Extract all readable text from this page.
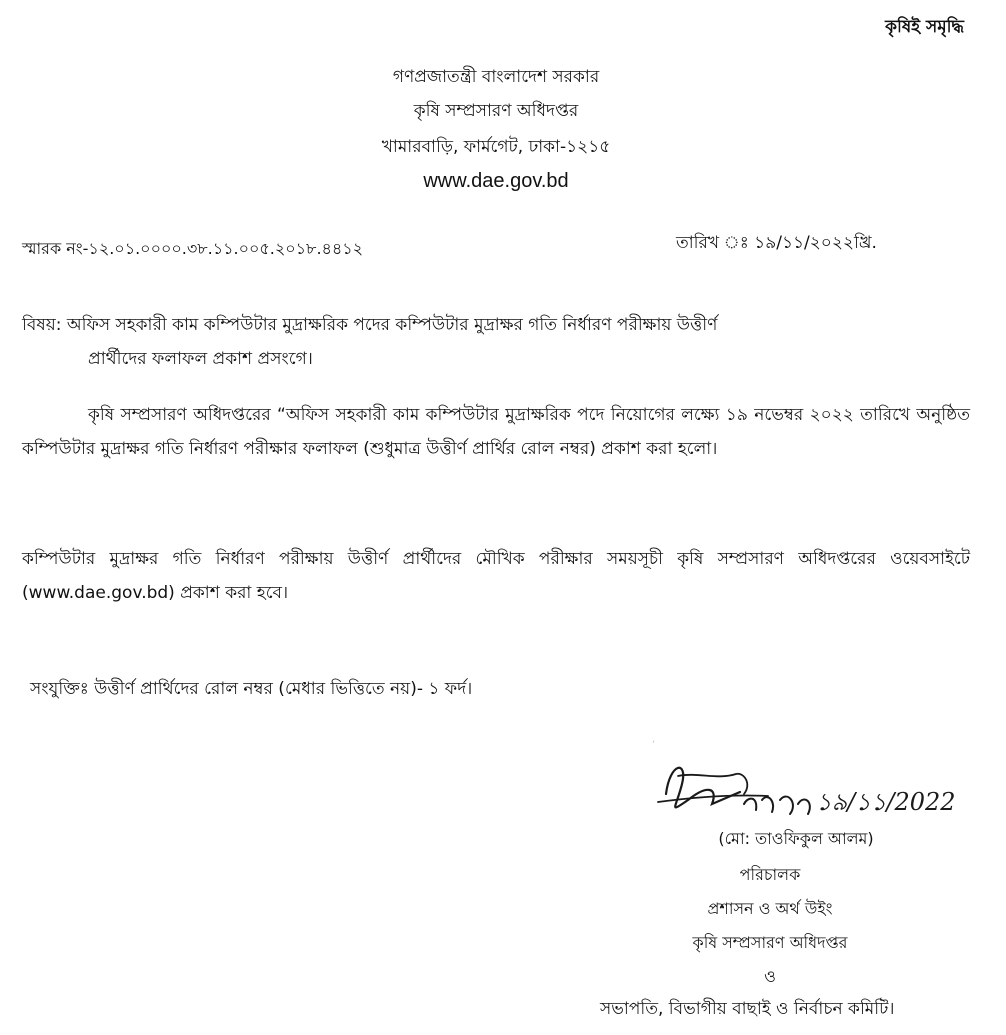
কৃষিই সমৃদ্ধি
গণপ্রজাতন্ত্রী বাংলাদেশ সরকার
কৃষি সম্প্রসারণ অধিদপ্তর
খামারবাড়ি, ফার্মগেট, ঢাকা-১২১৫
www.dae.gov.bd
স্মারক নং-১২.০১.০০০০.৩৮.১১.০০৫.২০১৮.৪৪১২	তারিখ ঃ ১৯/১১/২০২২খ্রি.
বিষয়: অফিস সহকারী কাম কম্পিউটার মুদ্রাক্ষরিক পদের কম্পিউটার মুদ্রাক্ষর গতি নির্ধারণ পরীক্ষায় উত্তীর্ণ
প্রার্থীদের ফলাফল প্রকাশ প্রসংগে।
কৃষি সম্প্রসারণ অধিদপ্তরের “অফিস সহকারী কাম কম্পিউটার মুদ্রাক্ষরিক পদে নিয়োগের লক্ষ্যে ১৯ নভেম্বর ২০২২ তারিখে অনুষ্ঠিত কম্পিউটার মুদ্রাক্ষর গতি নির্ধারণ পরীক্ষার ফলাফল (শুধুমাত্র উত্তীর্ণ প্রার্থির রোল নম্বর) প্রকাশ করা হলো।
কম্পিউটার মুদ্রাক্ষর গতি নির্ধারণ পরীক্ষায় উত্তীর্ণ প্রার্থীদের মৌখিক পরীক্ষার সময়সূচী কৃষি সম্প্রসারণ অধিদপ্তরের ওয়েবসাইটে (www.dae.gov.bd) প্রকাশ করা হবে।
সংযুক্তিঃ উত্তীর্ণ প্রার্থিদের রোল নম্বর (মেধার ভিত্তিতে নয়)- ১ ফর্দ।
,
১৯/১১/2022
(মো: তাওফিকুল আলম)
পরিচালক
প্রশাসন ও অর্থ উইং
কৃষি সম্প্রসারণ অধিদপ্তর
ও
সভাপতি, বিভাগীয় বাছাই ও নির্বাচন কমিটি।
